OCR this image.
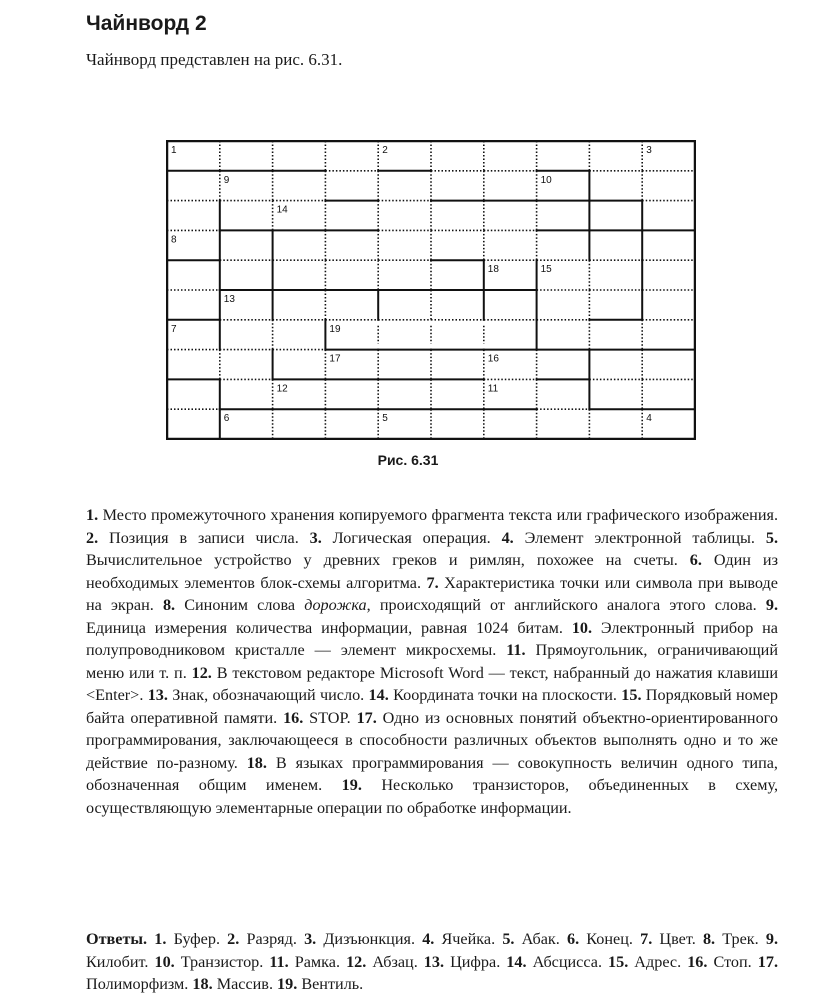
Чайнворд 2
Чайнворд представлен на рис. 6.31.
1	2	3
9	10
14
8
18	15
13
7	19
17	16
12	11
6	5	4
Рис. 6.31
1. Место промежуточного хранения копируемого фрагмента текста или графического изображения. 2. Позиция в записи числа. 3. Логическая операция. 4. Элемент электронной таблицы. 5. Вычислительное устройство у древних греков и римлян, похожее на счеты. 6. Один из необходимых элементов блок-схемы алгоритма. 7. Характеристика точки или символа при выводе на экран. 8. Синоним слова дорожка, происходящий от английского аналога этого слова. 9. Единица измерения количества информации, равная 1024 битам. 10. Электронный прибор на полупроводниковом кристалле — элемент микросхемы. 11. Прямоугольник, ограничивающий меню или т. п. 12. В текстовом редакторе Microsoft Word — текст, набранный до нажатия клавиши <Enter>. 13. Знак, обозначающий число. 14. Координата точки на плоскости. 15. Порядковый номер байта оперативной памяти. 16. STOP. 17. Одно из основных понятий объектно-ориентированного программирования, заключающееся в способности различных объектов выполнять одно и то же действие по-разному. 18. В языках программирования — совокупность величин одного типа, обозначенная общим именем. 19. Несколько транзисторов, объединенных в схему, осуществляющую элементарные операции по обработке информации.
Ответы. 1. Буфер. 2. Разряд. 3. Дизъюнкция. 4. Ячейка. 5. Абак. 6. Конец. 7. Цвет. 8. Трек. 9. Килобит. 10. Транзистор. 11. Рамка. 12. Абзац. 13. Цифра. 14. Абсцисса. 15. Адрес. 16. Стоп. 17. Полиморфизм. 18. Массив. 19. Вентиль.
